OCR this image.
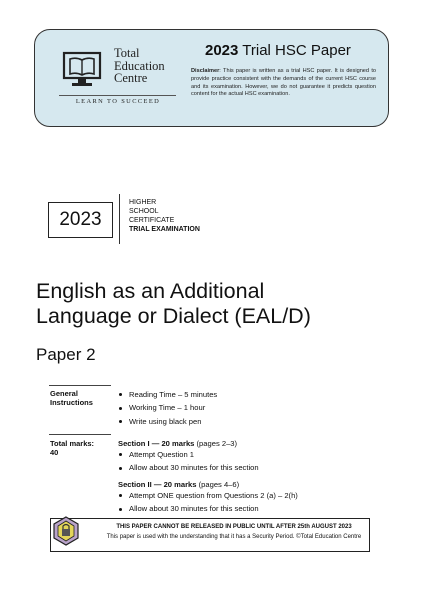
Total
Education
Centre
LEARN TO SUCCEED
2023 Trial HSC Paper
Disclaimer: This paper is written as a trial HSC paper. It is designed to provide practice consistent with the demands of the current HSC course and its examination. However, we do not guarantee it predicts question content for the actual HSC examination.
2023
HIGHER
SCHOOL
CERTIFICATE
TRIAL EXAMINATION
English as an Additional
Language or Dialect (EAL/D)
Paper 2
General
Instructions
Reading Time – 5 minutes
Working Time – 1 hour
Write using black pen
Total marks:
40
Section I — 20 marks (pages 2–3)
Attempt Question 1
Allow about 30 minutes for this section
Section II — 20 marks (pages 4–6)
Attempt ONE question from Questions 2 (a) – 2(h)
Allow about 30 minutes for this section
THIS PAPER CANNOT BE RELEASED IN PUBLIC UNTIL AFTER 25th AUGUST 2023
This paper is used with the understanding that it has a Security Period. ©Total Education Centre
